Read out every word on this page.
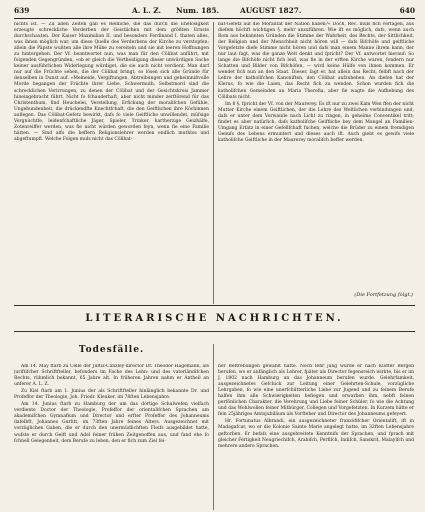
639	A. L. Z. Num. 185.	AUGUST 1827.	640

nichts ist. — Zu allen Zeiten gab es Redliche, die das durch die Ehelosigkeit erzeugte schreckliche Verderben der Geistlichen mit dem größten Ernste durchschauten. Der Kaiser Maximilian II. und besonders Ferdinand I. thaten alles, was ihnen möglich war, um diese Quelle des Verderbens der Kirche zu verstopfen; allein die Päpste wußten alle ihre Mühe zu vereiteln und sie mit leeren Hoffnungen zu hintergehen. Der Vf. beantwortet nun, was man für den Cölibat anführt, mit folgenden Gegengründen, »ob er gleich die Vertheidigung dieser unwürdigen Sache keiner ausführlichen Widerlegung würdiget, die sie auch nicht verdient. Man darf nur auf die Früchte sehen, die der Cölibat bringt, so lösen sich alle Gründe für denselben in Dunst auf. »Meineide, Vergiftungen, Abtreibungen und geheimnißvolle Morde begangen der Früchte ihrer Liebe, Schwermuth, Selbstmord sind die schrecklichen Verirrungen, zu denen der Cölibat und der Gesichtskreis Jammer hineingebracht führt. Nicht fo fchauderhaft, aber nicht minder zerftörend für das Christenthum, find Heuchelei, Verstellung, Erfickung der moralifchen Gefühle, Ungebundenheit, die drückendfte Knechtfchaft, die den Geiftlichen ihre Köchinnen auflegen. Das Cölibat-Gefetz bewirkt, dafs fo viele Geiftliche unwillendet, müfsige Vergnüchtfe, leidenfchaftliche Jäger, Spieler, Trinker, hartherzige Geizhälfe, Zotenreiffer werden, was fie nicht würden geworden feyn, wenn fie eine Familie hätten. — Sind alfo die beffern Religionslehrer werden endlich muthlos und abgeftumpft. Welche Folgen muls nicht das Cölibat-

bat-Gefetz auf die Moralität der Nation haben?« Doch, Rec. muls fich verfagen, aus diefem höchft wichtigen §. mehr anzuführen. Wie ift es möglich, dafs, wenn auch Rom aus bekannten Gründen die Stimme der Wahrheit, des Rechts, der Sittlichkeit, der Religion und der Menschheit nicht hören will — dafs Bifchöfe und geiftliche Vorgefetzte diefe Stimme nicht hören und dafs man einem Manne ihrem kann, der nur laut fagt, was die ganze Welt denkt und fpricht? Der Vf. antwortet hierauf: So lange die Bifchöfe nicht fich leid, was fie in der erften Kirche waren, fondern nur Schatten und Bilder von Bifchöfen, — wird keine Hülfe von ihnen kommen. Er wendet fich nun an den Staat. Dieser, fagt er, hat allein das Recht, felbft nach der Lehre der katholifchen Kanoniften, den Cölibat aufzuheben. An diefen hat der Klerus, fo wie die Laien, das Recht fich zu wenden. Schon wurden fich die katholifchen Gemeinden an Maria Therefia, aber fie wagte die Aufhebung des Cölibats nicht.

Im 8 §. fpricht der Vf. von der Maurerey. Es ift nur zu zwei Kam Wen ffen der nicht Mutter Kirche einem Geiftlichen, der die Lehre des Weltlichen verbindungen und, dafs er unter dem Vorwande nach Licht zu ringen, in geheime Conventikel tritt; findet es aber natürlich, dafs katholifche Geiftliche bey dem Mangel an Familien-Umgang Erfatz in einer Gefellfchaft fuchen, welche die Brüder zu einem fremdigen Genufs des Lebens ermuntert und dieses auch ift. Auch giebt es gewifs viele katholifche Geiftliche in der Maurerey moralifch beffer werden.

(Die Fortfetzung folgt.)
LITERARISCHE NACHRICHTEN.
Todesfälle.

Am 14. May ftarb zu Celle der Juftiz-Canzley-director Dr. Theodor Hagemann, als juriftifcher Schriftfteller, befonders im Fache des Lehn- und des vaterländifchen Rechts, rühmlich bekannt, 65 Jahre alt. In früheren Jahren nahm er Antheil an unferer A. L. Z.

Zu Kiel ftarb am 1. Junius der als Schriftfteller hinlänglich bekannte Dr. und Profeffor der Theologie, Joh. Friedr. Kleuker, im 78ften Lebensjahre.

Am 14. Junius ftarb zu Hamburg der um das dortige Schulwefen vielfach verdiente Doctor der Theologie, Profeffor der orientalifchen Sprachen am akademifchen Gymnafium und Director und erfter Profeffor des Johanneums dafelbft, Johannes Gurlitt, im 73ften Jahre feines Alters. Ausgezeichnet mit vorzüglichen Gaben, die er durch den unermüdlichften Fleifs ausgebildet hatte, wufste er durch Geift und Adel feiner frühen Zeitgenoffen aus, und fand ehe fo fchnell Gelegenheit, dem Berufe zu leben, den er fich zum Ziel fei-

ner Beftrebungen gewählt hatte. Noch fehr jung wurde er nach Klofter Bergen berufen, wo er anfänglich als Lehrer, fpäter als Director fegensreich wirkte, bis er im J. 1802 nach Hamburg an das Johanneum berufen wurde. Gelehrfamkeit, ausgezeichnetes Gefchick zur Leitung einer Gelehrten-Schule, vorzügliche Lehrgaben, fo wie eine unerfchütterliche Liebe zur Jugend und zu feinem Berufe halfen ihm alle Schwierigkeiten befiegen und erwarben ihm, nebft feinen perfönlichen Charakter, die Verehrung und Liebe feiner Schüler, fo wie die Achtung und das Wohlwollen feiner Mitbürger, Collegen und Vorgefetzten. In Kurzem hätte er fein 25jähriges Amtsjubiläum als Vorfteher und Director des Johanneums gefeyert.

Hr. Fortunatus Albrandi, ein ausgezeichneter franzöfifcher Orientalift, ift in Madagafcar, wo er die Kolonie Sainte Marie angelegt hatte, im 32ften Lebensjahre geftorben. Er befafs eine ausgebreitete Kenntnifs der Sprachen, und fprach mit gleicher Fertigkeit Neugriechifch, Arabifch, Perfifch, Indifch, Sanskrit, Malayifch und mehrere andere Sprachen.
